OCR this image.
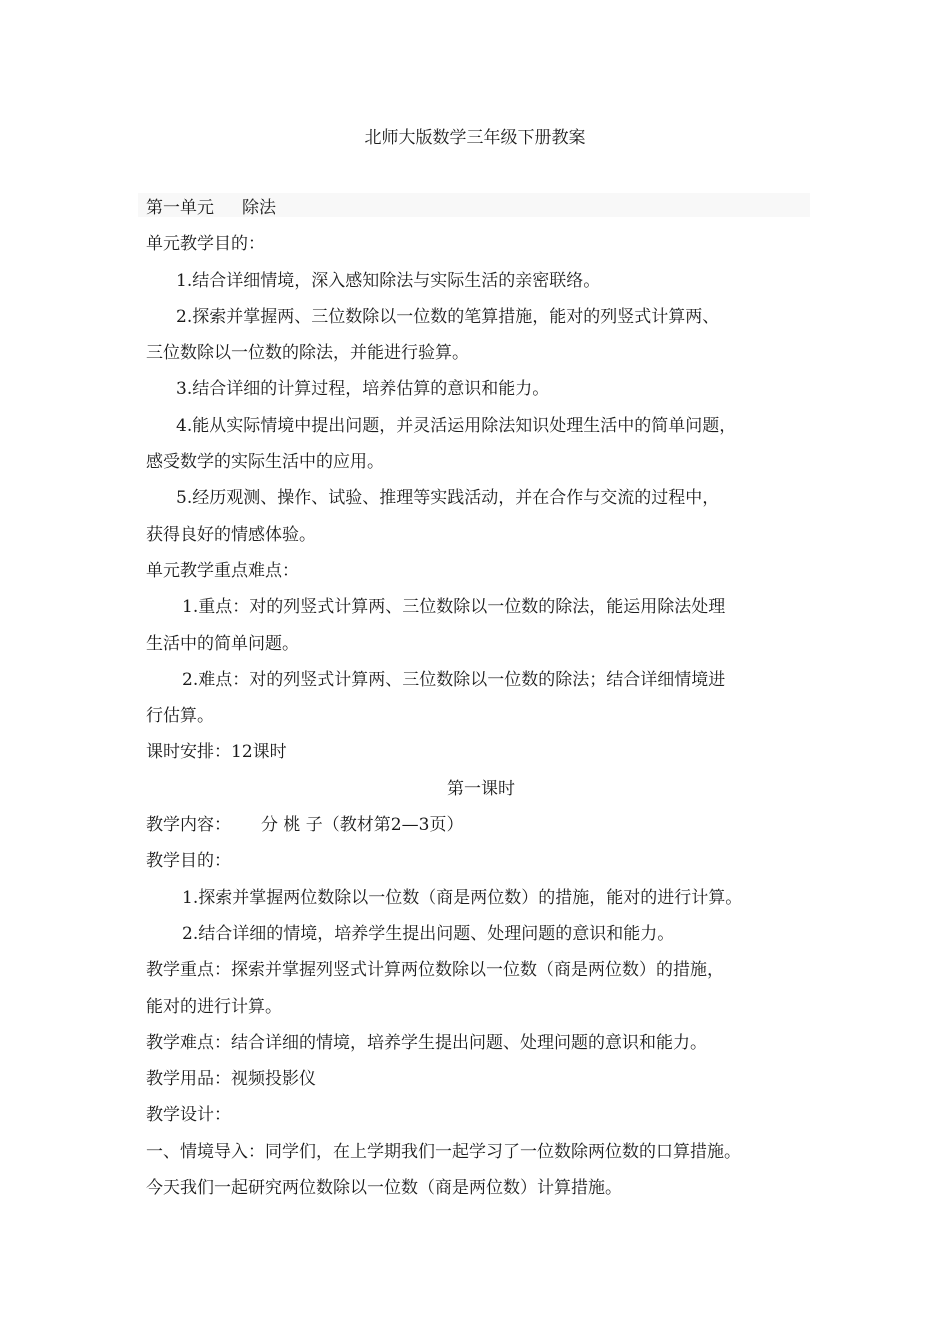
北师大版数学三年级下册教案
第一单元 除法
单元教学目的：
1.结合详细情境，深入感知除法与实际生活的亲密联络。
2.探索并掌握两、三位数除以一位数的笔算措施，能对的列竖式计算两、
三位数除以一位数的除法，并能进行验算。
3.结合详细的计算过程，培养估算的意识和能力。
4.能从实际情境中提出问题，并灵活运用除法知识处理生活中的简单问题，
感受数学的实际生活中的应用。
5.经历观测、操作、试验、推理等实践活动，并在合作与交流的过程中，
获得良好的情感体验。
单元教学重点难点：
1.重点：对的列竖式计算两、三位数除以一位数的除法，能运用除法处理
生活中的简单问题。
2.难点：对的列竖式计算两、三位数除以一位数的除法；结合详细情境进
行估算。
课时安排：12课时
第一课时
教学内容： 分 桃 子（教材第2—3页）
教学目的：
1.探索并掌握两位数除以一位数（商是两位数）的措施，能对的进行计算。
2.结合详细的情境，培养学生提出问题、处理问题的意识和能力。
教学重点：探索并掌握列竖式计算两位数除以一位数（商是两位数）的措施，
能对的进行计算。
教学难点：结合详细的情境，培养学生提出问题、处理问题的意识和能力。
教学用品：视频投影仪
教学设计：
一、情境导入：同学们，在上学期我们一起学习了一位数除两位数的口算措施。
今天我们一起研究两位数除以一位数（商是两位数）计算措施。
